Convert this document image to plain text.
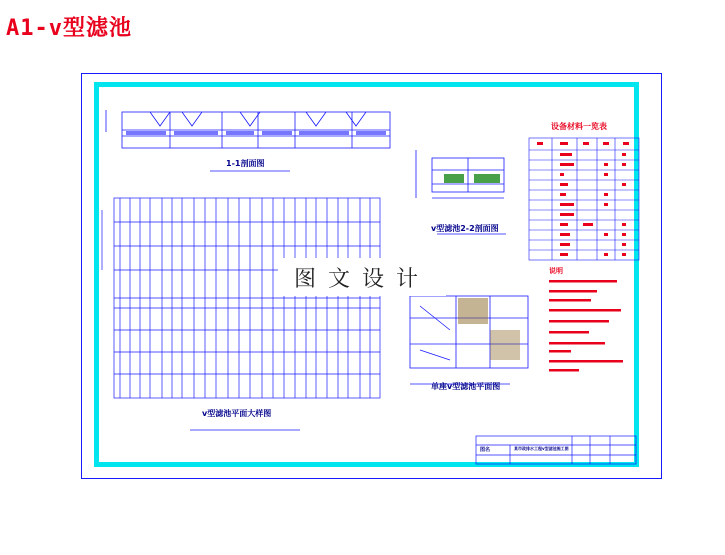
A1-v型滤池
1-1剖面图
v型滤池2-2剖面图
v型滤池平面大样图
单座v型滤池平面图
设备材料一览表
说明
图名	某市政排水工程v型滤池施工图
图文设计
